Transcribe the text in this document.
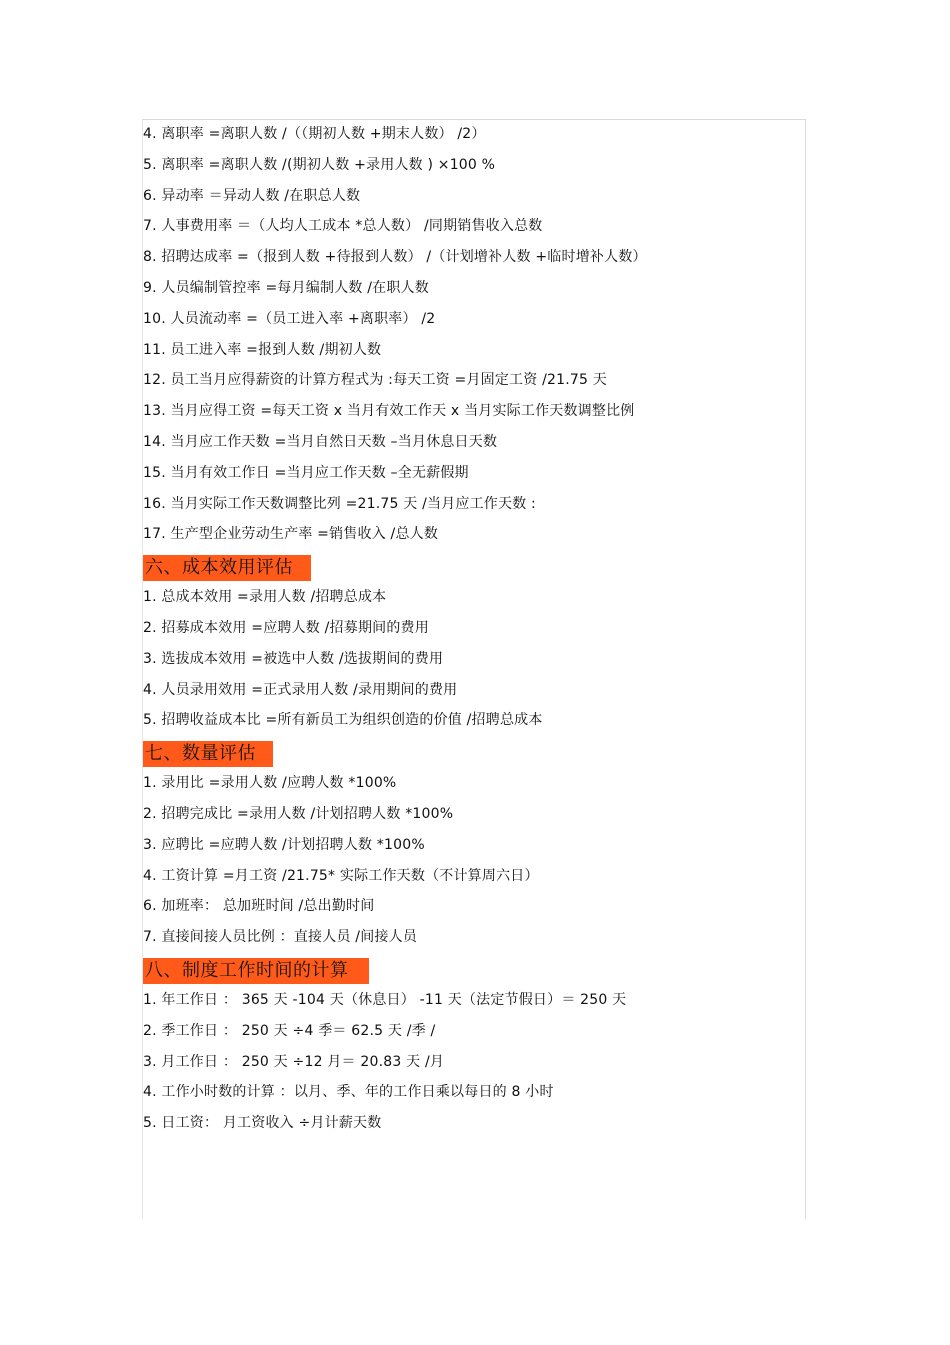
4. 离职率 =离职人数 /（（期初人数 +期末人数） /2）
5. 离职率 =离职人数 /(期初人数 +录用人数 ) ×100 %
6. 异动率 ＝异动人数 /在职总人数
7. 人事费用率 ＝（人均人工成本 *总人数） /同期销售收入总数
8. 招聘达成率 =（报到人数 +待报到人数） /（计划增补人数 +临时增补人数）
9. 人员编制管控率 =每月编制人数 /在职人数
10. 人员流动率 =（员工进入率 +离职率） /2
11. 员工进入率 =报到人数 /期初人数
12. 员工当月应得薪资的计算方程式为 :每天工资 =月固定工资 /21.75 天
13. 当月应得工资 =每天工资 x 当月有效工作天 x 当月实际工作天数调整比例
14. 当月应工作天数 =当月自然日天数 –当月休息日天数
15. 当月有效工作日 =当月应工作天数 –全无薪假期
16. 当月实际工作天数调整比列 =21.75 天 /当月应工作天数 :
17. 生产型企业劳动生产率 =销售收入 /总人数
六、成本效用评估
1. 总成本效用 =录用人数 /招聘总成本
2. 招募成本效用 =应聘人数 /招募期间的费用
3. 选拔成本效用 =被选中人数 /选拔期间的费用
4. 人员录用效用 =正式录用人数 /录用期间的费用
5. 招聘收益成本比 =所有新员工为组织创造的价值 /招聘总成本
七、数量评估
1. 录用比 =录用人数 /应聘人数 *100%
2. 招聘完成比 =录用人数 /计划招聘人数 *100%
3. 应聘比 =应聘人数 /计划招聘人数 *100%
4. 工资计算 =月工资 /21.75* 实际工作天数（不计算周六日）
6. 加班率： 总加班时间 /总出勤时间
7. 直接间接人员比例 ：直接人员 /间接人员
八、制度工作时间的计算
1. 年工作日 ： 365 天 -104 天（休息日） -11 天（法定节假日）＝ 250 天
2. 季工作日 ： 250 天 ÷4 季＝ 62.5 天 /季 /
3. 月工作日 ： 250 天 ÷12 月＝ 20.83 天 /月
4. 工作小时数的计算 ：以月、季、年的工作日乘以每日的 8 小时
5. 日工资： 月工资收入 ÷月计薪天数
